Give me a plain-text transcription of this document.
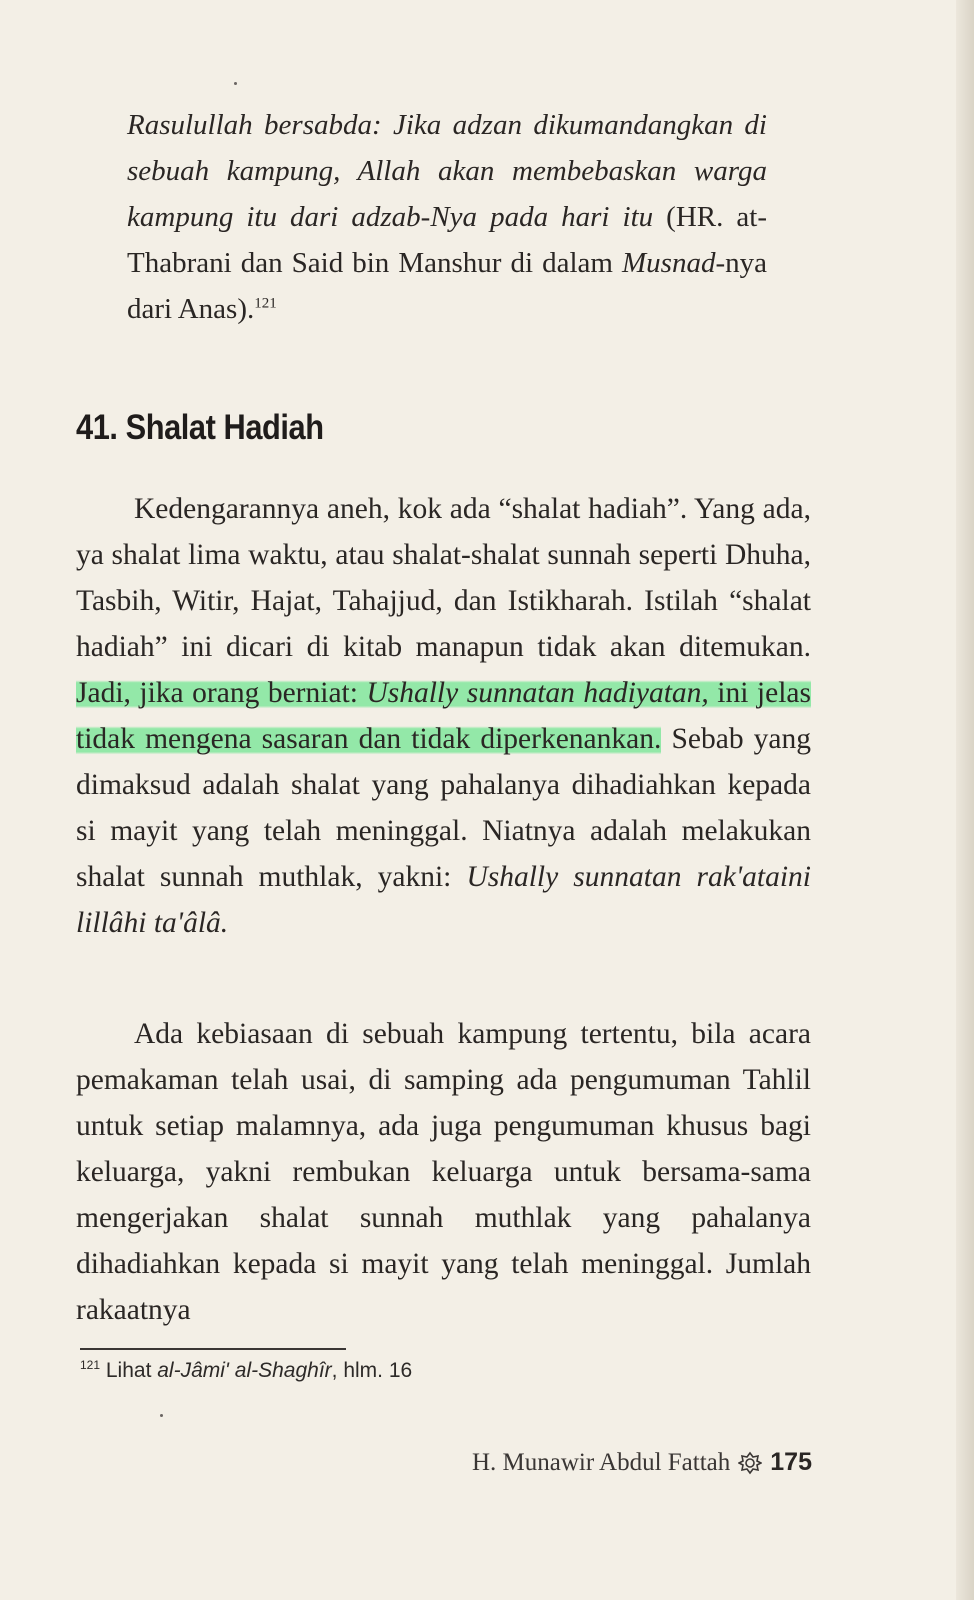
Rasulullah bersabda: Jika adzan dikumandangkan di sebuah kampung, Allah akan membebaskan warga kampung itu dari adzab-Nya pada hari itu (HR. at-Thabrani dan Said bin Manshur di dalam Musnad-nya dari Anas).$^{121}$
41. Shalat Hadiah

Kedengarannya aneh, kok ada “shalat hadiah”. Yang ada, ya shalat lima waktu, atau shalat-shalat sunnah seperti Dhuha, Tasbih, Witir, Hajat, Tahajjud, dan Istikharah. Istilah “shalat hadiah” ini dicari di kitab manapun tidak akan ditemukan. Jadi, jika orang berniat: Ushally sunnatan hadiyatan, ini jelas tidak mengena sasaran dan tidak diperkenankan. Sebab yang dimaksud adalah shalat yang pahalanya dihadiahkan kepada si mayit yang telah meninggal. Niatnya adalah melakukan shalat sunnah muthlak, yakni: Ushally sunnatan rak'ataini lillâhi ta'âlâ.

Ada kebiasaan di sebuah kampung tertentu, bila acara pemakaman telah usai, di samping ada pengumuman Tahlil untuk setiap malamnya, ada juga pengumuman khusus bagi keluarga, yakni rembukan keluarga untuk bersama-sama mengerjakan shalat sunnah muthlak yang pahalanya dihadiahkan kepada si mayit yang telah meninggal. Jumlah rakaatnya

$^{121}$ Lihat al-Jâmi' al-Shaghîr, hlm. 16
H. Munawir Abdul Fattah 175
